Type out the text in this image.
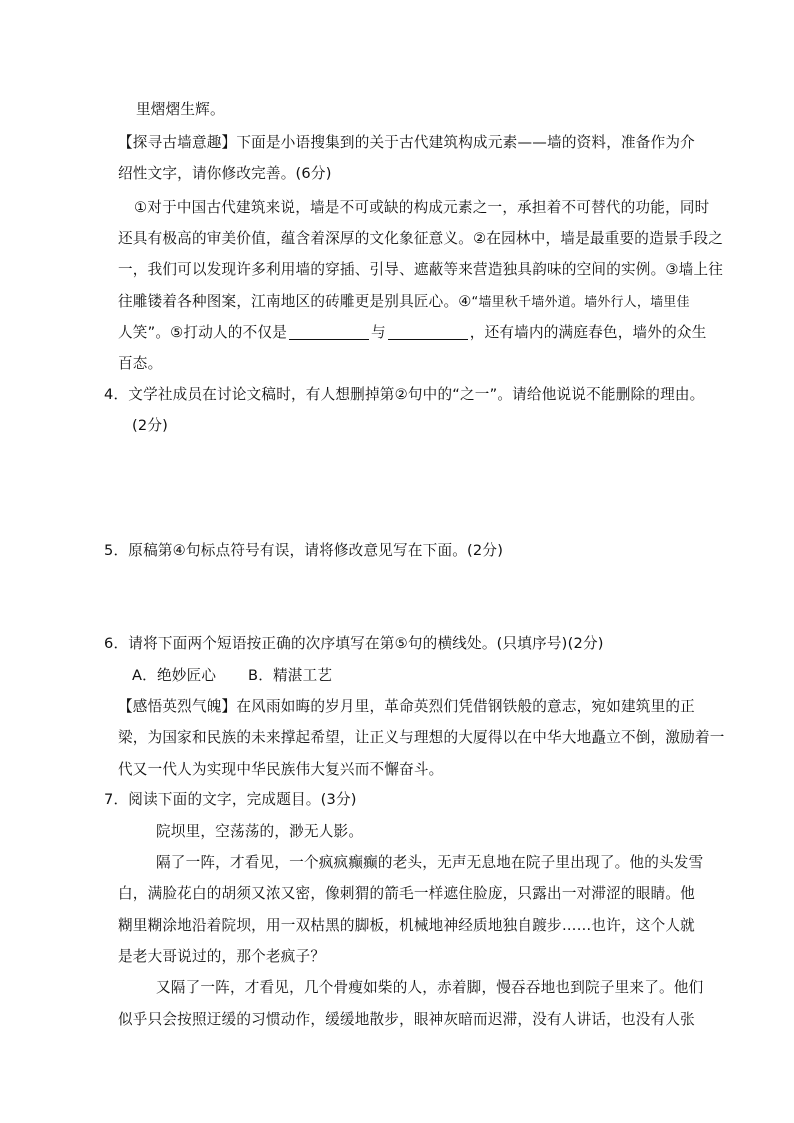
里熠熠生辉。
【探寻古墙意趣】下面是小语搜集到的关于古代建筑构成元素——墙的资料，准备作为介
绍性文字，请你修改完善。(6分)
①对于中国古代建筑来说，墙是不可或缺的构成元素之一，承担着不可替代的功能，同时
还具有极高的审美价值，蕴含着深厚的文化象征意义。②在园林中，墙是最重要的造景手段之
一，我们可以发现许多利用墙的穿插、引导、遮蔽等来营造独具韵味的空间的实例。③墙上往
往雕镂着各种图案，江南地区的砖雕更是别具匠心。④“墙里秋千墙外道。墙外行人，墙里佳
人笑”。⑤打动人的不仅是	与	，还有墙内的满庭春色，墙外的众生
百态。
4．文学社成员在讨论文稿时，有人想删掉第②句中的“之一”。请给他说说不能删除的理由。
(2分)
5．原稿第④句标点符号有误，请将修改意见写在下面。(2分)
6．请将下面两个短语按正确的次序填写在第⑤句的横线处。(只填序号)(2分)
A．绝妙匠心 B．精湛工艺
【感悟英烈气魄】在风雨如晦的岁月里，革命英烈们凭借钢铁般的意志，宛如建筑里的正
梁，为国家和民族的未来撑起希望，让正义与理想的大厦得以在中华大地矗立不倒，激励着一
代又一代人为实现中华民族伟大复兴而不懈奋斗。
7．阅读下面的文字，完成题目。(3分)
院坝里，空荡荡的，渺无人影。
隔了一阵，才看见，一个疯疯癫癫的老头，无声无息地在院子里出现了。他的头发雪
白，满脸花白的胡须又浓又密，像刺猬的箭毛一样遮住脸庞，只露出一对滞涩的眼睛。他
糊里糊涂地沿着院坝，用一双枯黑的脚板，机械地神经质地独自踱步……也许，这个人就
是老大哥说过的，那个老疯子？
又隔了一阵，才看见，几个骨瘦如柴的人，赤着脚，慢吞吞地也到院子里来了。他们
似乎只会按照迂缓的习惯动作，缓缓地散步，眼神灰暗而迟滞，没有人讲话，也没有人张
